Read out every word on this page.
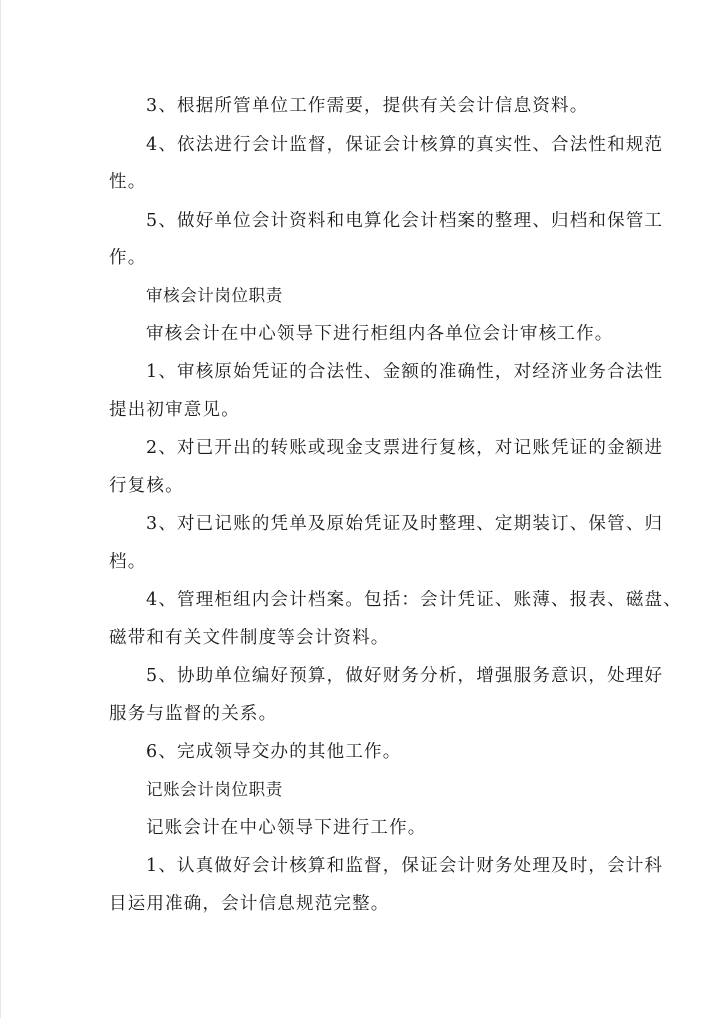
3、根据所管单位工作需要，提供有关会计信息资料。
4、依法进行会计监督，保证会计核算的真实性、合法性和规范
性。
5、做好单位会计资料和电算化会计档案的整理、归档和保管工
作。
审核会计岗位职责
审核会计在中心领导下进行柜组内各单位会计审核工作。
1、审核原始凭证的合法性、金额的准确性，对经济业务合法性
提出初审意见。
2、对已开出的转账或现金支票进行复核，对记账凭证的金额进
行复核。
3、对已记账的凭单及原始凭证及时整理、定期装订、保管、归
档。
4、管理柜组内会计档案。包括：会计凭证、账薄、报表、磁盘、
磁带和有关文件制度等会计资料。
5、协助单位编好预算，做好财务分析，增强服务意识，处理好
服务与监督的关系。
6、完成领导交办的其他工作。
记账会计岗位职责
记账会计在中心领导下进行工作。
1、认真做好会计核算和监督，保证会计财务处理及时，会计科
目运用准确，会计信息规范完整。
